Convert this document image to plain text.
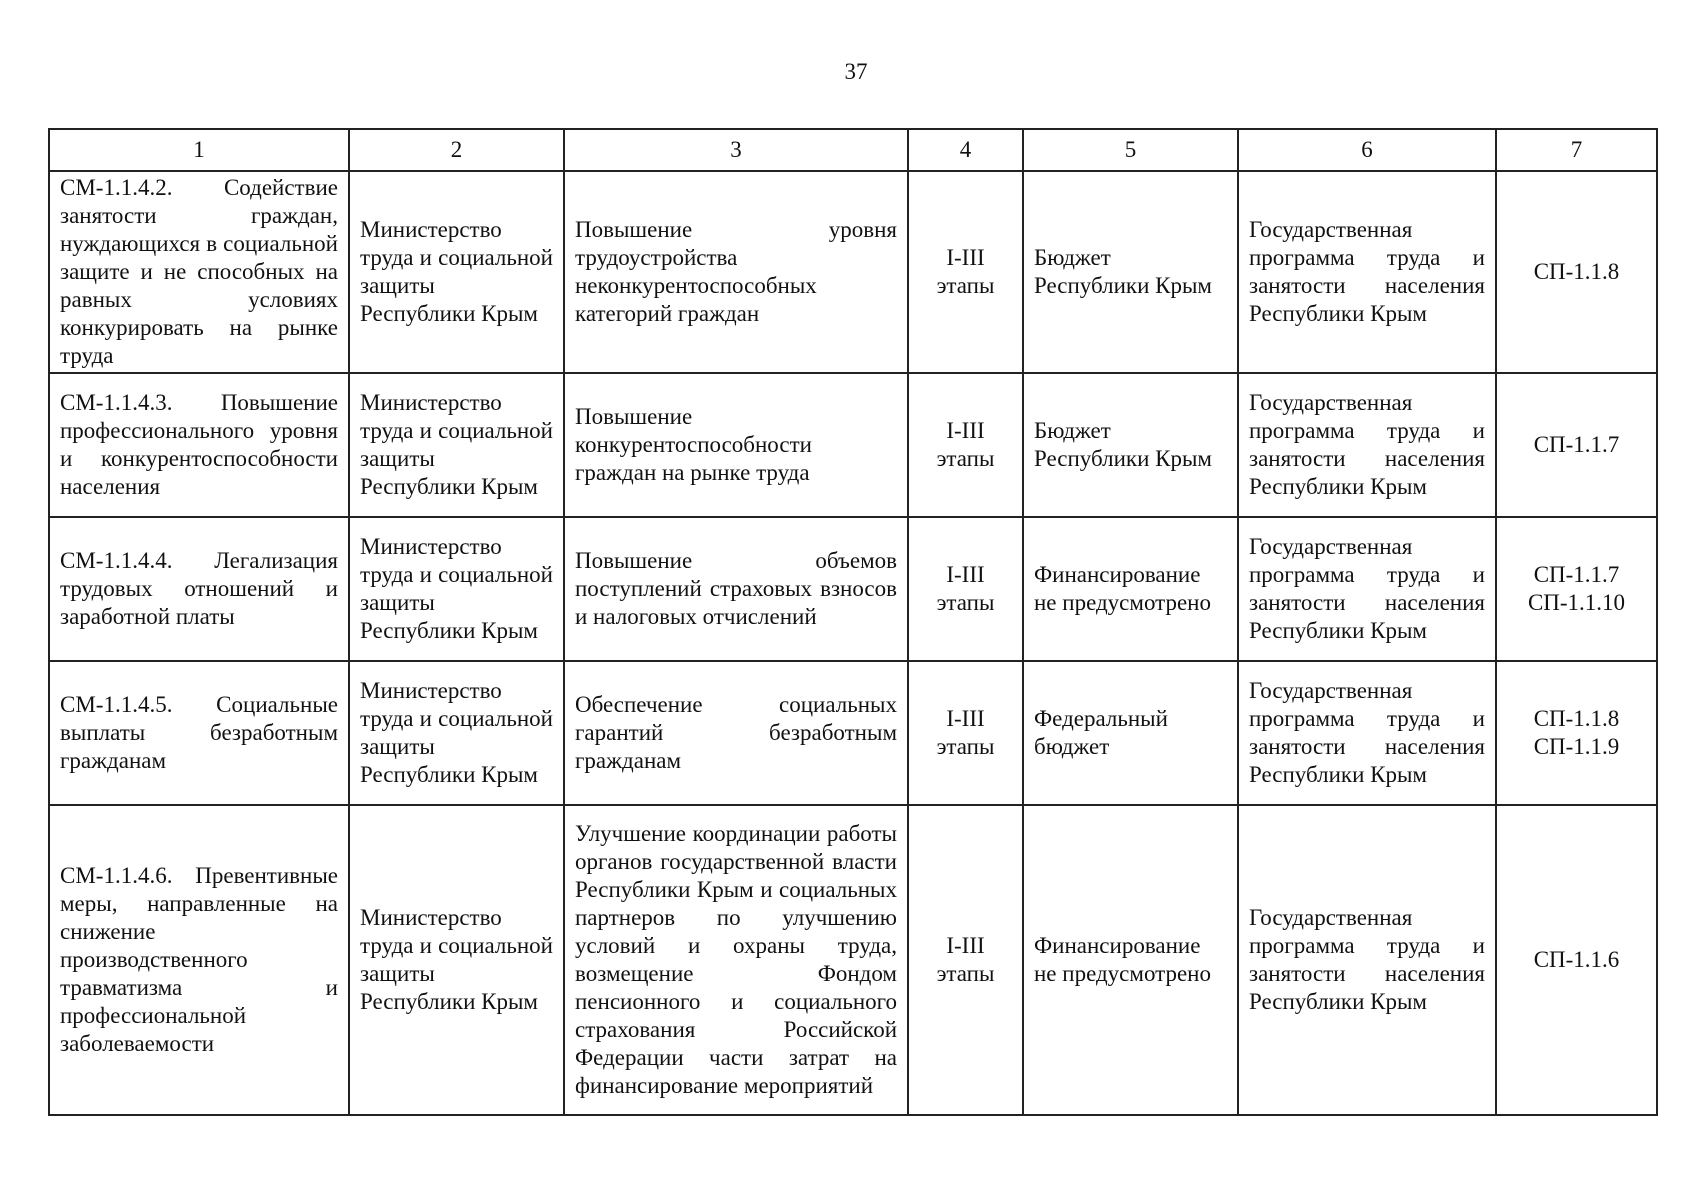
37
1	2	3	4	5	6	7
СМ-1.1.4.2. Содействие занятости граждан, нуждающихся в социальной защите и не способных на равных условиях конкурировать на рынке труда	Министерство труда и социальной защиты Республики Крым	Повышение уровня трудоустройства неконкурентоспособных категорий граждан	I-III этапы	Бюджет Республики Крым	Государственная программа труда и занятости населения Республики Крым	СП-1.1.8

СМ-1.1.4.3. Повышение профессионального уровня и конкурентоспособности населения	Министерство труда и социальной защиты Республики Крым	Повышение конкурентоспособности граждан на рынке труда	I-III этапы	Бюджет Республики Крым	Государственная программа труда и занятости населения Республики Крым	СП-1.1.7

СМ-1.1.4.4. Легализация трудовых отношений и заработной платы	Министерство труда и социальной защиты Республики Крым	Повышение объемов поступлений страховых взносов и налоговых отчислений	I-III этапы	Финансирование не предусмотрено	Государственная программа труда и занятости населения Республики Крым	СП-1.1.7
СП-1.1.10

СМ-1.1.4.5. Социальные выплаты безработным гражданам	Министерство труда и социальной защиты Республики Крым	Обеспечение социальных гарантий безработным гражданам	I-III этапы	Федеральный бюджет	Государственная программа труда и занятости населения Республики Крым	СП-1.1.8
СП-1.1.9

СМ-1.1.4.6. Превентивные меры, направленные на снижение производственного травматизма и профессиональной заболеваемости	Министерство труда и социальной защиты Республики Крым	Улучшение координации работы органов государственной власти Республики Крым и социальных партнеров по улучшению условий и охраны труда, возмещение Фондом пенсионного и социального страхования Российской Федерации части затрат на финансирование мероприятий	I-III этапы	Финансирование не предусмотрено	Государственная программа труда и занятости населения Республики Крым	СП-1.1.6
